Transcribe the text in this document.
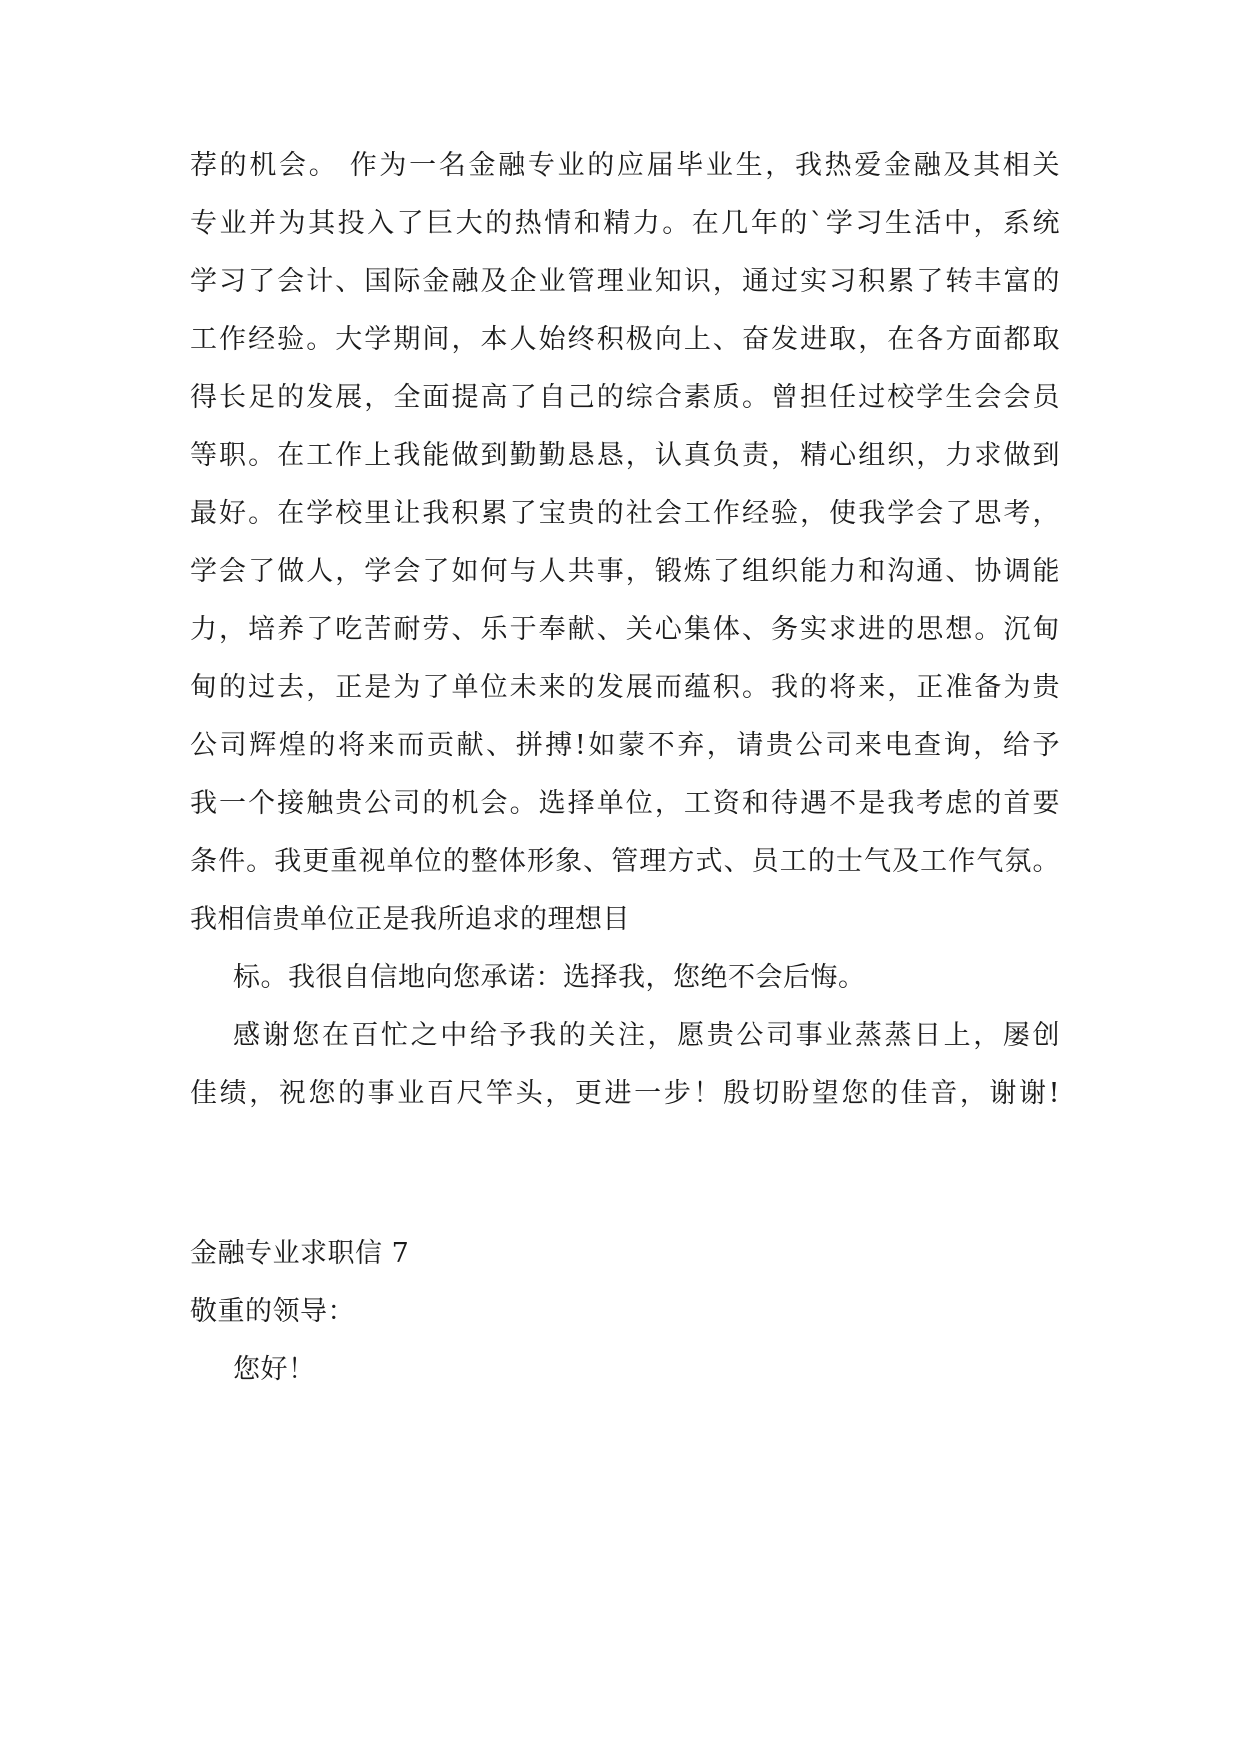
荐的机会。 作为一名金融专业的应届毕业生，我热爱金融及其相关
专业并为其投入了巨大的热情和精力。在几年的`学习生活中，系统
学习了会计、国际金融及企业管理业知识，通过实习积累了转丰富的
工作经验。大学期间，本人始终积极向上、奋发进取，在各方面都取
得长足的发展，全面提高了自己的综合素质。曾担任过校学生会会员
等职。在工作上我能做到勤勤恳恳，认真负责，精心组织，力求做到
最好。在学校里让我积累了宝贵的社会工作经验，使我学会了思考，
学会了做人，学会了如何与人共事，锻炼了组织能力和沟通、协调能
力，培养了吃苦耐劳、乐于奉献、关心集体、务实求进的思想。沉甸
甸的过去，正是为了单位未来的发展而蕴积。我的将来，正准备为贵
公司辉煌的将来而贡献、拼搏!如蒙不弃，请贵公司来电查询，给予
我一个接触贵公司的机会。选择单位，工资和待遇不是我考虑的首要
条件。我更重视单位的整体形象、管理方式、员工的士气及工作气氛。
我相信贵单位正是我所追求的理想目
标。我很自信地向您承诺：选择我，您绝不会后悔。
感谢您在百忙之中给予我的关注，愿贵公司事业蒸蒸日上，屡创
佳绩，祝您的事业百尺竿头，更进一步！殷切盼望您的佳音，谢谢!
金融专业求职信 7
敬重的领导：
您好！
